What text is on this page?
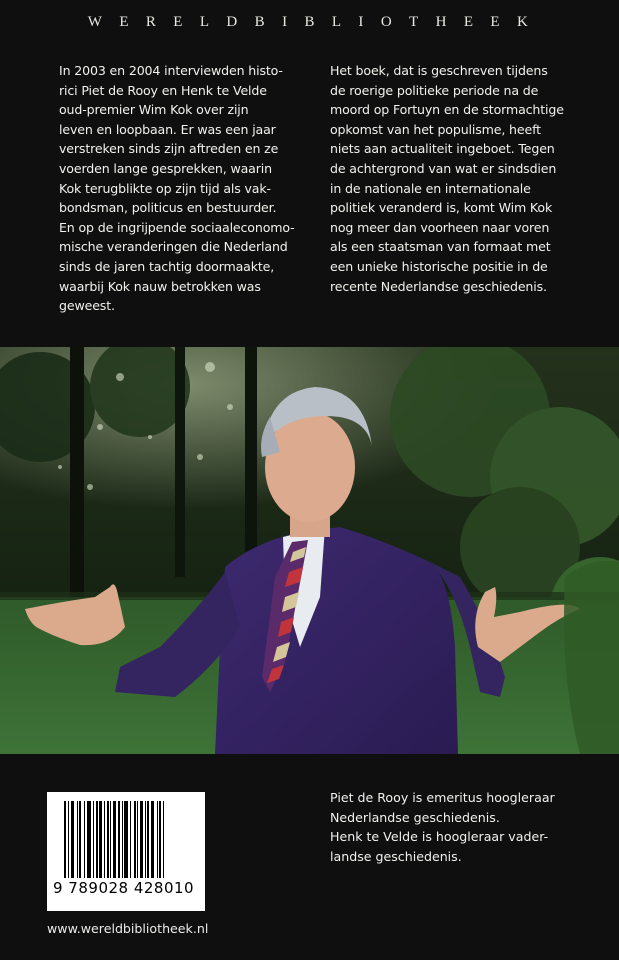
WERELDBIBLIOTHEEK

In 2003 en 2004 interviewden histo-

rici Piet de Rooy en Henk te Velde

oud-premier Wim Kok over zijn

leven en loopbaan. Er was een jaar

verstreken sinds zijn aftreden en ze

voerden lange gesprekken, waarin

Kok terugblikte op zijn tijd als vak-

bondsman, politicus en bestuurder.

En op de ingrijpende sociaaleconomo-

mische veranderingen die Nederland

sinds de jaren tachtig doormaakte,

waarbij Kok nauw betrokken was

geweest.

Het boek, dat is geschreven tijdens

de roerige politieke periode na de

moord op Fortuyn en de stormachtige

opkomst van het populisme, heeft

niets aan actualiteit ingeboet. Tegen

de achtergrond van wat er sindsdien

in de nationale en internationale

politiek veranderd is, komt Wim Kok

nog meer dan voorheen naar voren

als een staatsman van formaat met

een unieke historische positie in de

recente Nederlandse geschiedenis.

9 789028 428010
www.wereldbibliotheek.nl

Piet de Rooy is emeritus hoogleraar

Nederlandse geschiedenis.

Henk te Velde is hoogleraar vader-

landse geschiedenis.
